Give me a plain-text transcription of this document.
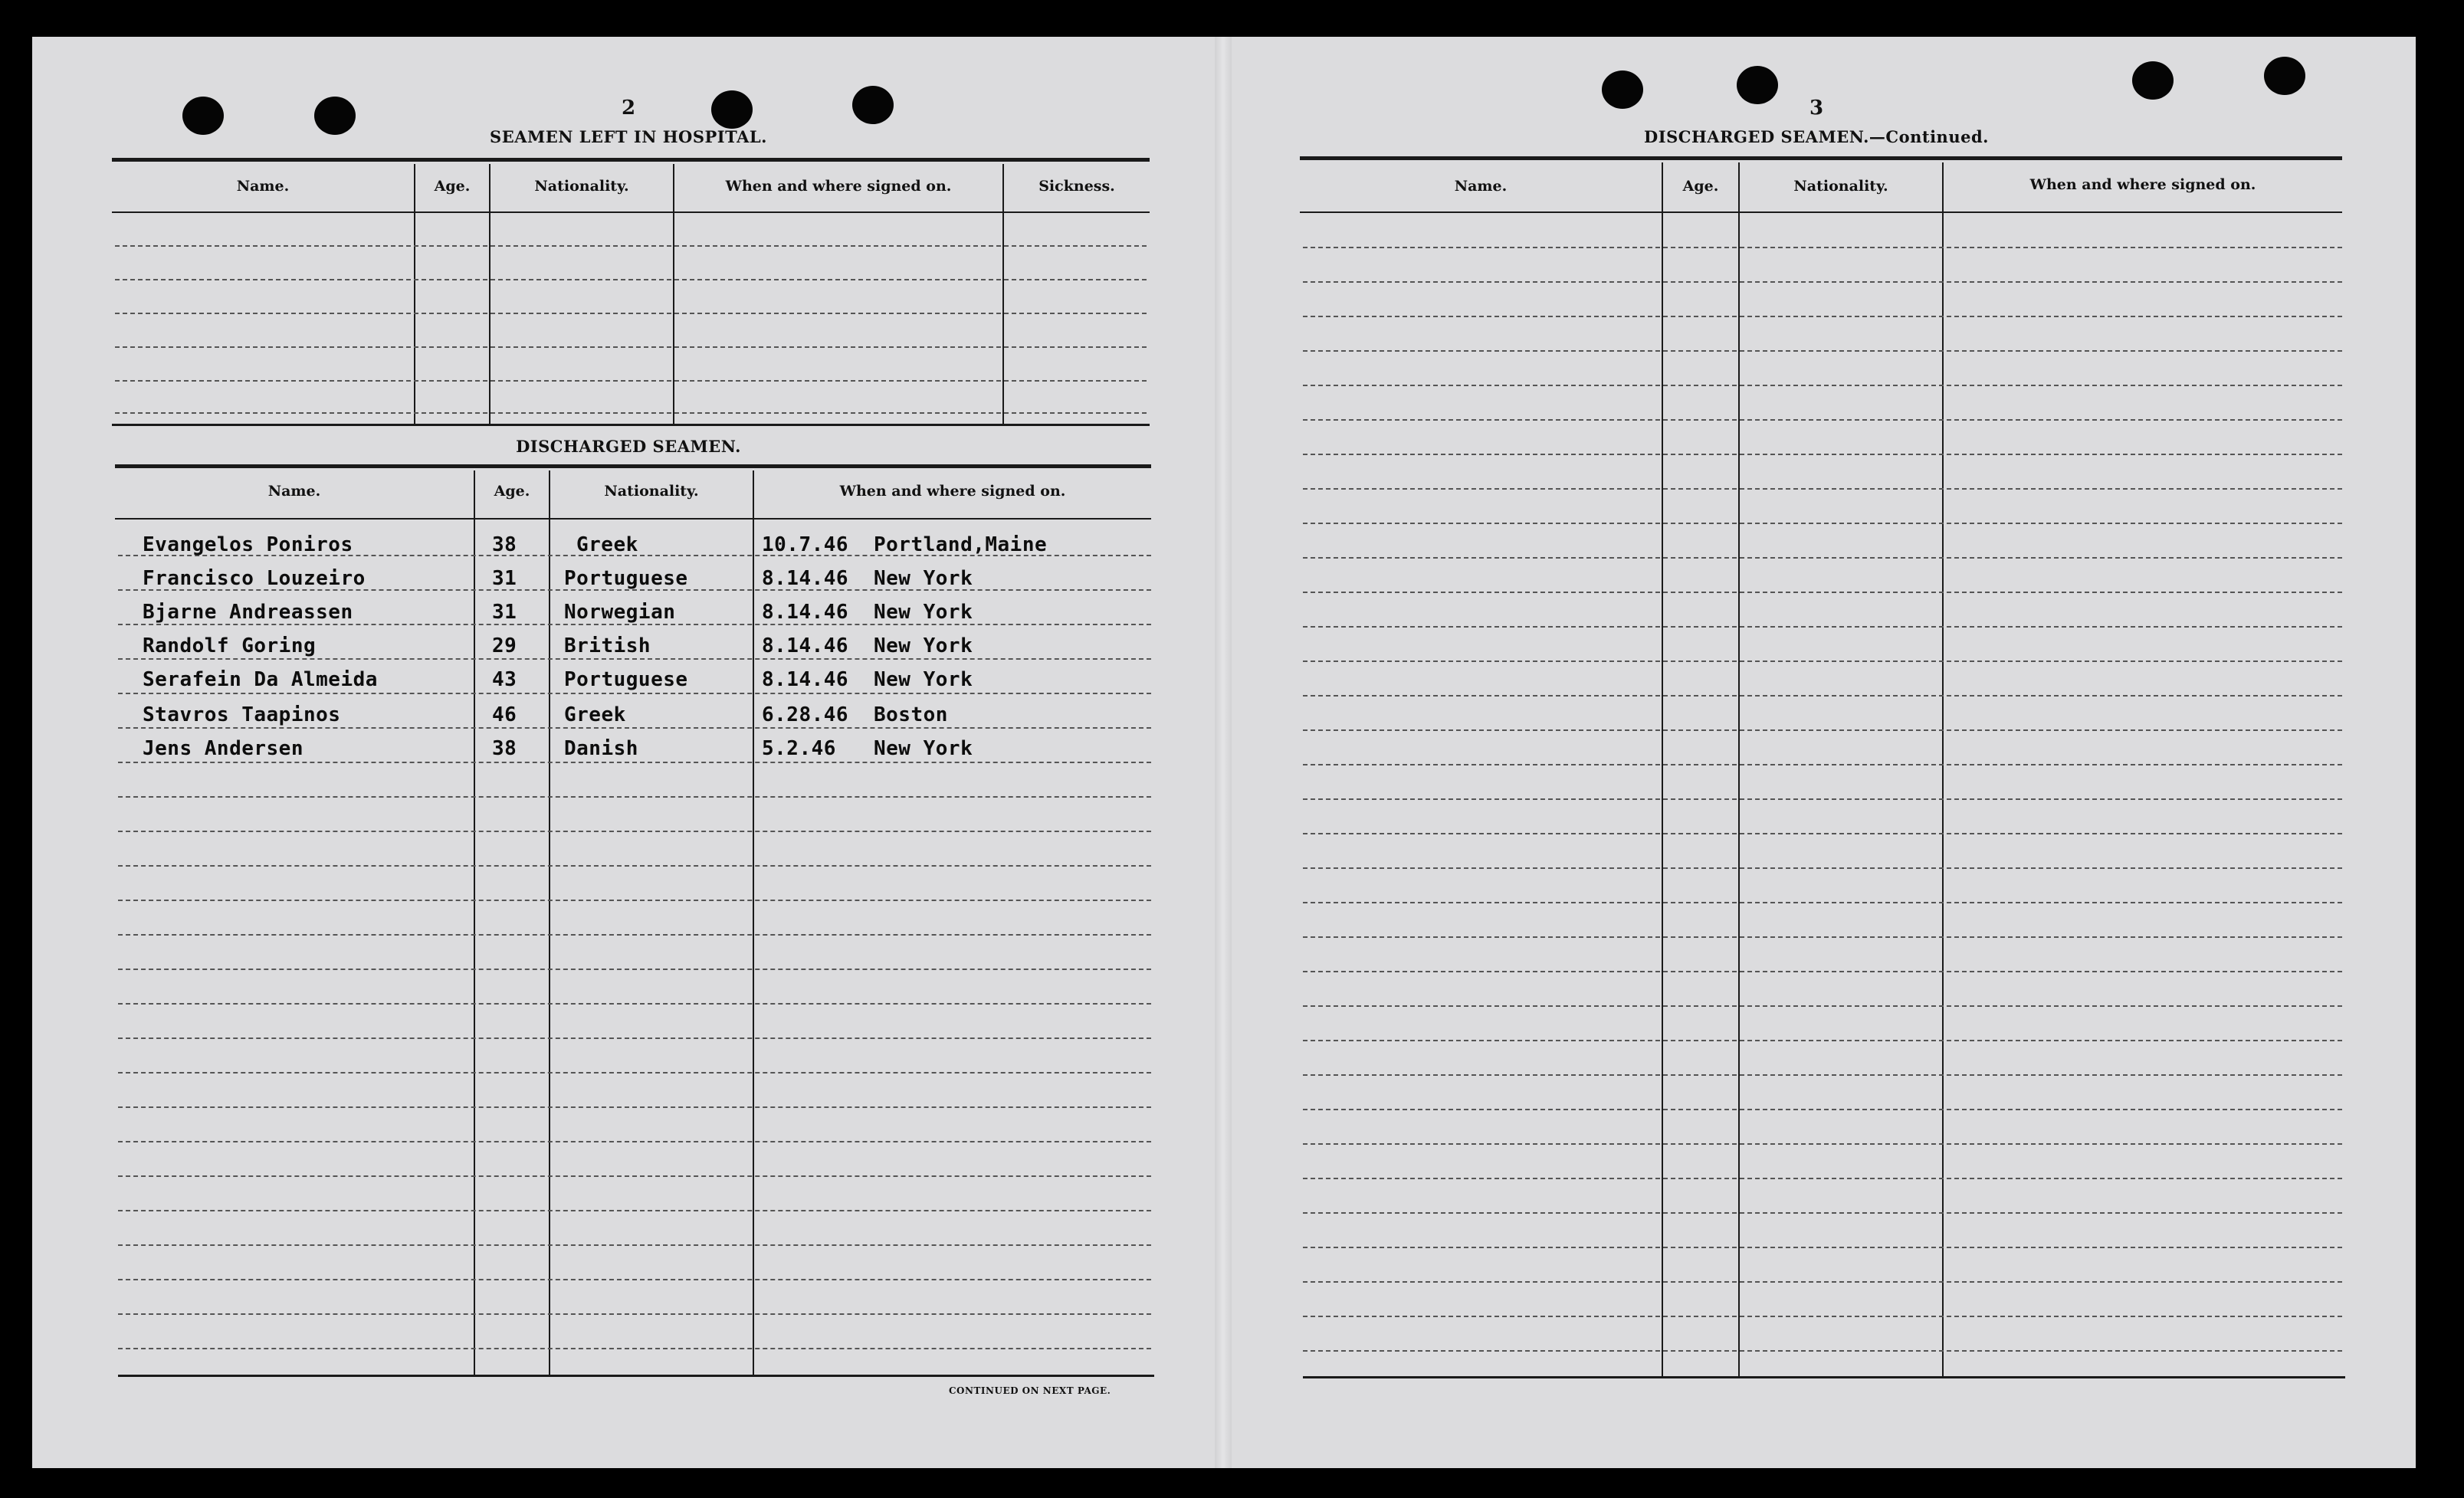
2
SEAMEN LEFT IN HOSPITAL.
Name.	Age.	Nationality.	When and where signed on.	Sickness.
DISCHARGED SEAMEN.
Name.	Age.	Nationality.	When and where signed on.
Evangelos Poniros	38	Greek	10.7.46 Portland,Maine
Francisco Louzeiro	31 Portuguese	8.14.46 New York
Bjarne Andreassen	31 Norwegian	8.14.46 New York
Randolf Goring	29 British	8.14.46 New York
Serafein Da Almeida	43 Portuguese	8.14.46 New York
Stavros Taapinos	46 Greek	6.28.46 Boston
Jens Andersen	38 Danish	5.2.46 New York
CONTINUED ON NEXT PAGE.
3
DISCHARGED SEAMEN.—Continued.
Name.	Age.	Nationality.	When and where signed on.
